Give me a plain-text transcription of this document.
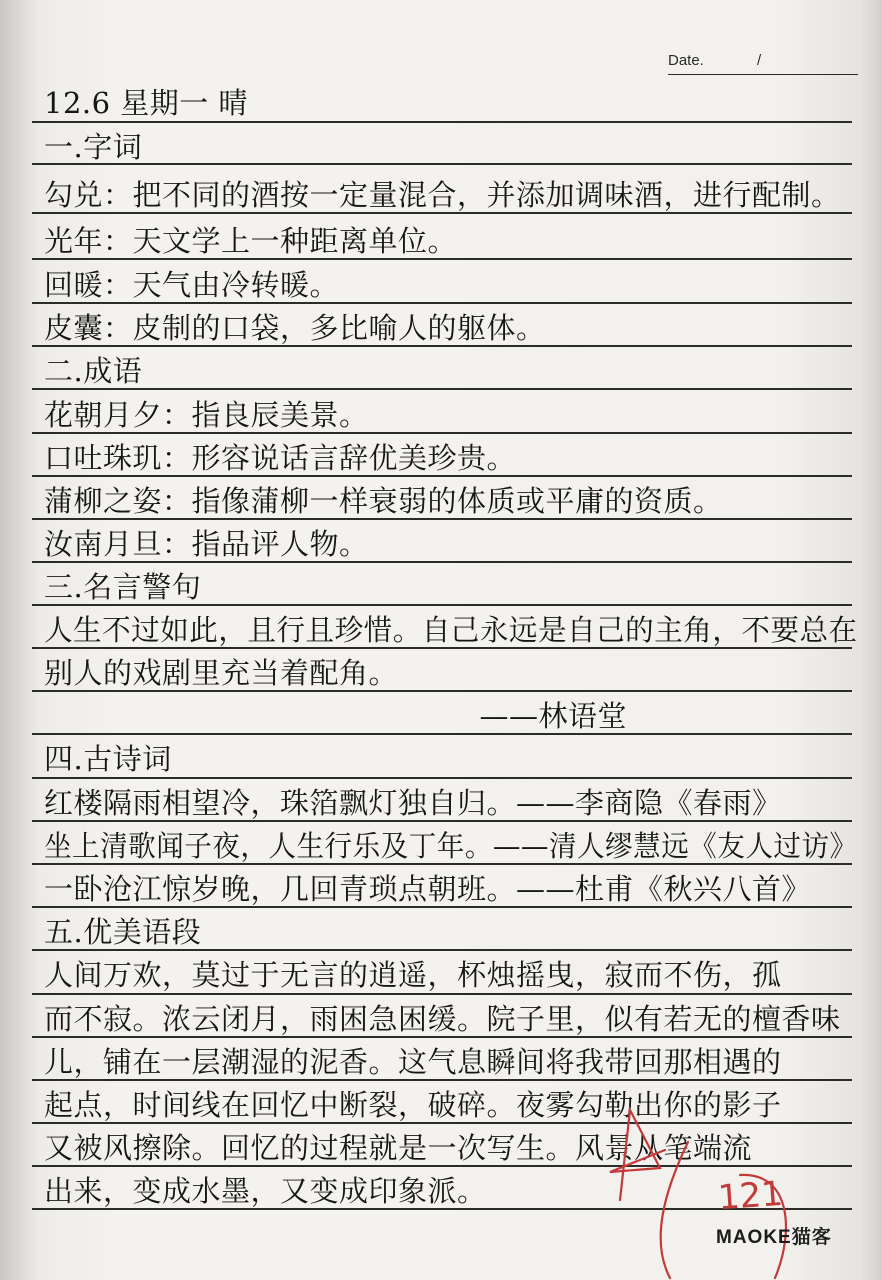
Date.	/
12.6 星期一 晴
一.字词
勾兑：把不同的酒按一定量混合，并添加调味酒，进行配制。
光年：天文学上一种距离单位。
回暖：天气由冷转暖。
皮囊：皮制的口袋，多比喻人的躯体。
二.成语
花朝月夕：指良辰美景。
口吐珠玑：形容说话言辞优美珍贵。
蒲柳之姿：指像蒲柳一样衰弱的体质或平庸的资质。
汝南月旦：指品评人物。
三.名言警句
人生不过如此，且行且珍惜。自己永远是自己的主角，不要总在
别人的戏剧里充当着配角。
——林语堂
四.古诗词
红楼隔雨相望冷，珠箔飘灯独自归。——李商隐《春雨》
坐上清歌闻子夜，人生行乐及丁年。——清人缪慧远《友人过访》
一卧沧江惊岁晚，几回青琐点朝班。——杜甫《秋兴八首》
五.优美语段
人间万欢，莫过于无言的逍遥，杯烛摇曳，寂而不伤，孤
而不寂。浓云闭月，雨困急困缓。院子里，似有若无的檀香味
儿，铺在一层潮湿的泥香。这气息瞬间将我带回那相遇的
起点，时间线在回忆中断裂，破碎。夜雾勾勒出你的影子
又被风擦除。回忆的过程就是一次写生。风景从笔端流
出来，变成水墨，又变成印象派。	121
MAOKE猫客
